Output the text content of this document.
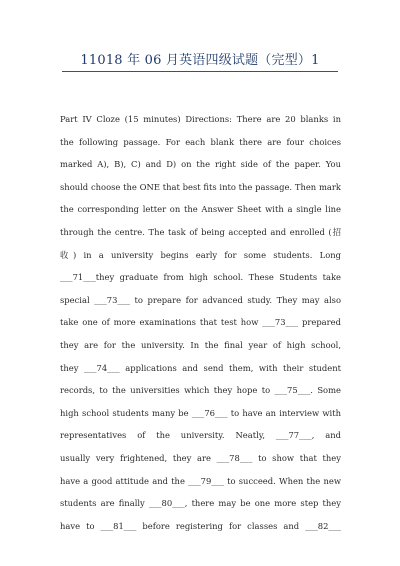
11018 年 06 月英语四级试题（完型）1
Part IV Cloze (15 minutes) Directions: There are 20 blanks in
the following passage. For each blank there are four choices
marked A), B), C) and D) on the right side of the paper. You
should choose the ONE that best fits into the passage. Then mark
the corresponding letter on the Answer Sheet with a single line
through the centre. The task of being accepted and enrolled (招
收) in a university begins early for some students. Long
___71___they graduate from high school. These Students take
special ___73___ to prepare for advanced study. They may also
take one of more examinations that test how ___73___ prepared
they are for the university. In the final year of high school,
they ___74___ applications and send them, with their student
records, to the universities which they hope to ___75___. Some
high school students many be ___76___ to have an interview with
representatives of the university. Neatly, ___77___, and
usually very frightened, they are ___78___ to show that they
have a good attitude and the ___79___ to succeed. When the new
students are finally ___80___, there may be one more step they
have to ___81___ before registering for classes and ___82___
